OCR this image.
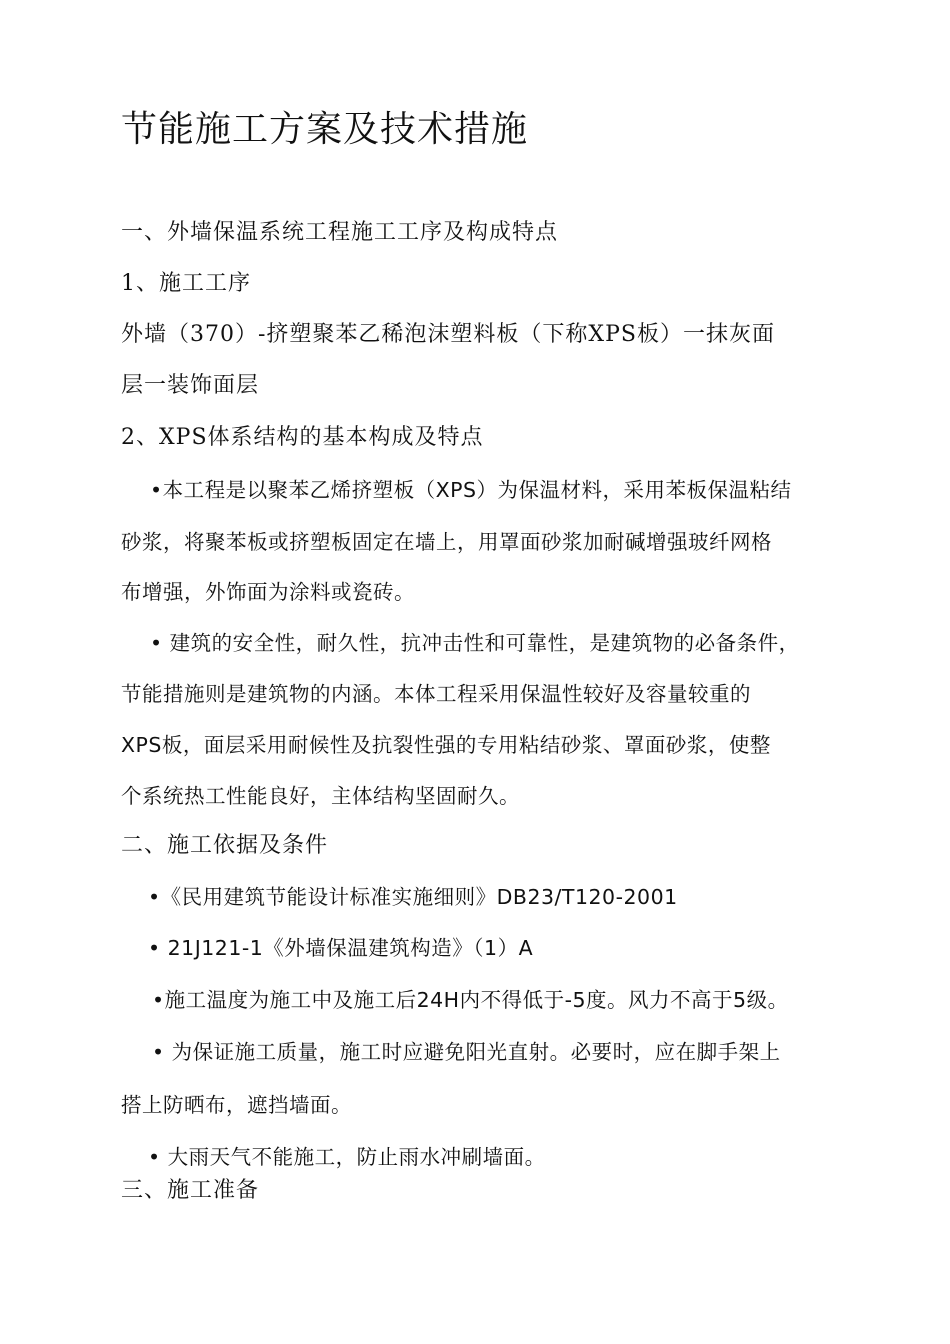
节能施工方案及技术措施
一、外墙保温系统工程施工工序及构成特点
1、施工工序
外墙（370）-挤塑聚苯乙稀泡沫塑料板（下称XPS板）一抹灰面
层一装饰面层
2、XPS体系结构的基本构成及特点
•本工程是以聚苯乙烯挤塑板（XPS）为保温材料，采用苯板保温粘结
砂浆，将聚苯板或挤塑板固定在墙上，用罩面砂浆加耐碱增强玻纤网格
布增强，外饰面为涂料或瓷砖。
• 建筑的安全性，耐久性，抗冲击性和可靠性，是建筑物的必备条件，
节能措施则是建筑物的内涵。本体工程采用保温性较好及容量较重的
XPS板，面层采用耐候性及抗裂性强的专用粘结砂浆、罩面砂浆，使整
个系统热工性能良好，主体结构坚固耐久。
二、施工依据及条件
•《民用建筑节能设计标准实施细则》DB23/T120-2001
• 21J121-1《外墙保温建筑构造》（1）A
•施工温度为施工中及施工后24H内不得低于-5度。风力不高于5级。
• 为保证施工质量，施工时应避免阳光直射。必要时，应在脚手架上
搭上防晒布，遮挡墙面。
• 大雨天气不能施工，防止雨水冲刷墙面。
三、施工准备
